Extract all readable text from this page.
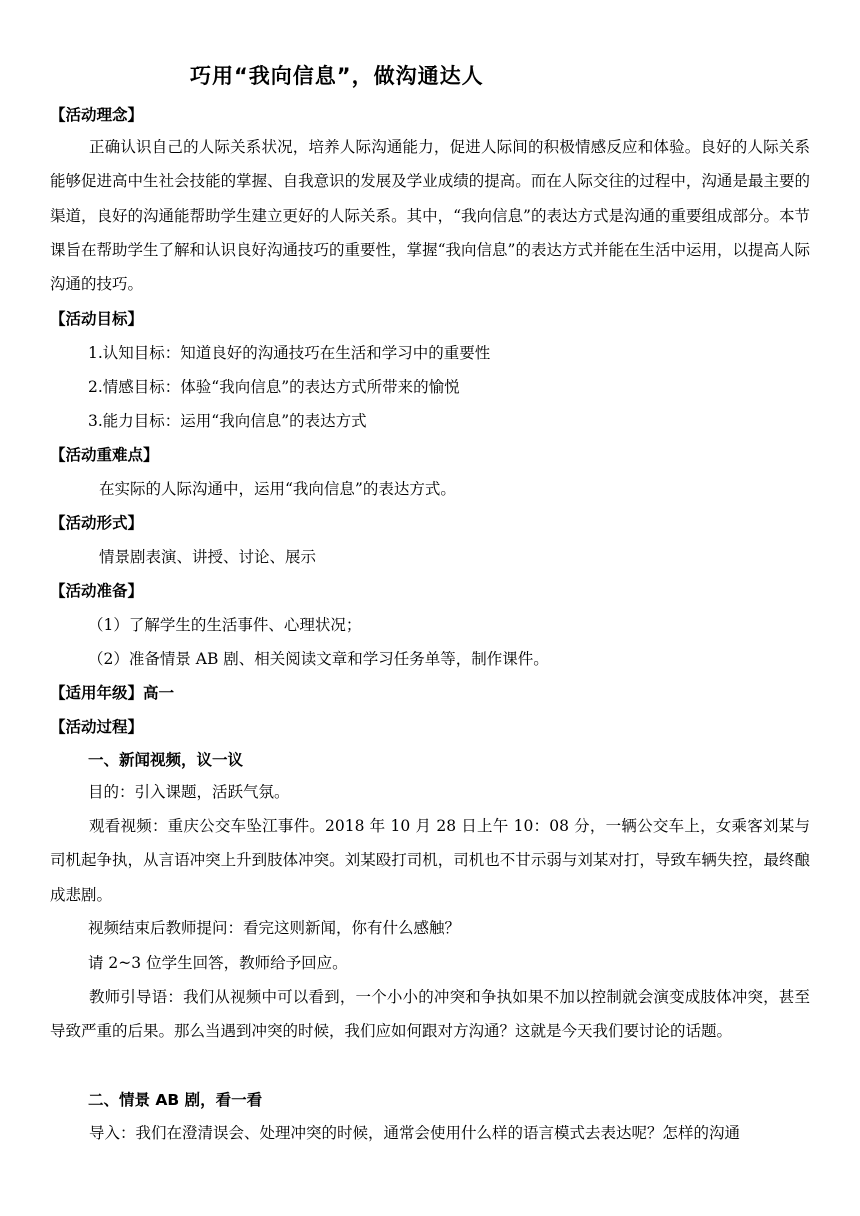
巧用“我向信息”，做沟通达人
【活动理念】
正确认识自己的人际关系状况，培养人际沟通能力，促进人际间的积极情感反应和体验。良好的人际关系能够促进高中生社会技能的掌握、自我意识的发展及学业成绩的提高。而在人际交往的过程中，沟通是最主要的渠道，良好的沟通能帮助学生建立更好的人际关系。其中，“我向信息”的表达方式是沟通的重要组成部分。本节课旨在帮助学生了解和认识良好沟通技巧的重要性，掌握“我向信息”的表达方式并能在生活中运用，以提高人际沟通的技巧。
【活动目标】
1.认知目标：知道良好的沟通技巧在生活和学习中的重要性
2.情感目标：体验“我向信息”的表达方式所带来的愉悦
3.能力目标：运用“我向信息”的表达方式
【活动重难点】
在实际的人际沟通中，运用“我向信息”的表达方式。
【活动形式】
情景剧表演、讲授、讨论、展示
【活动准备】
（1）了解学生的生活事件、心理状况；
（2）准备情景 AB 剧、相关阅读文章和学习任务单等，制作课件。
【适用年级】高一
【活动过程】
一、新闻视频，议一议
目的：引入课题，活跃气氛。
观看视频：重庆公交车坠江事件。2018 年 10 月 28 日上午 10：08 分，一辆公交车上，女乘客刘某与司机起争执，从言语冲突上升到肢体冲突。刘某殴打司机，司机也不甘示弱与刘某对打，导致车辆失控，最终酿成悲剧。
视频结束后教师提问：看完这则新闻，你有什么感触？
请 2~3 位学生回答，教师给予回应。
教师引导语：我们从视频中可以看到，一个小小的冲突和争执如果不加以控制就会演变成肢体冲突，甚至导致严重的后果。那么当遇到冲突的时候，我们应如何跟对方沟通？这就是今天我们要讨论的话题。
二、情景 AB 剧，看一看
导入：我们在澄清误会、处理冲突的时候，通常会使用什么样的语言模式去表达呢？怎样的沟通
